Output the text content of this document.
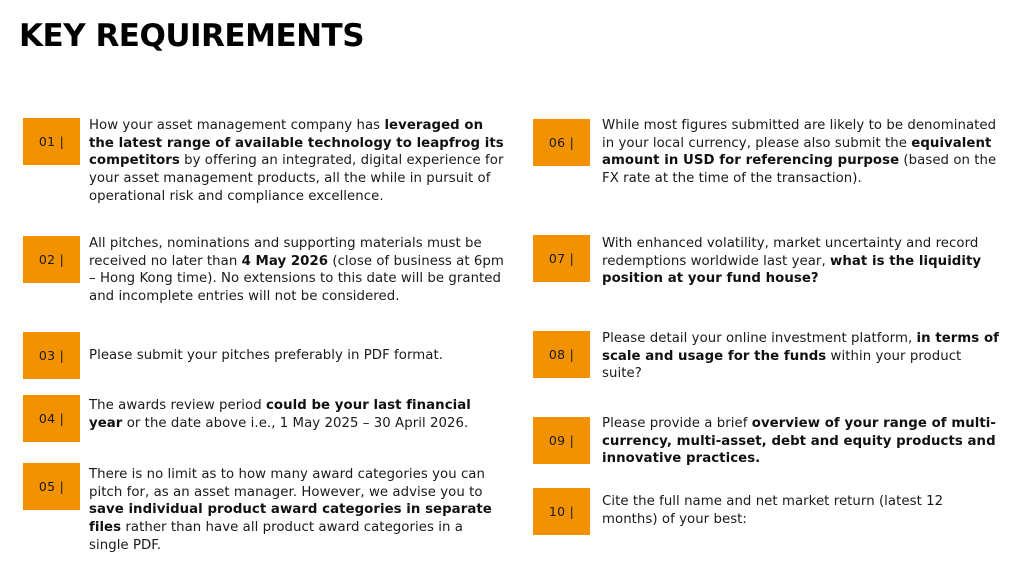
KEY REQUIREMENTS
01 |
How your asset management company has leveraged on the latest range of available technology to leapfrog its competitors by offering an integrated, digital experience for your asset management products, all the while in pursuit of operational risk and compliance excellence.
02 |
All pitches, nominations and supporting materials must be received no later than 4 May 2026 (close of business at 6pm – Hong Kong time). No extensions to this date will be granted and incomplete entries will not be considered.
03 |	Please submit your pitches preferably in PDF format.
04 |
The awards review period could be your last financial year or the date above i.e., 1 May 2025 – 30 April 2026.
05 |
There is no limit as to how many award categories you can pitch for, as an asset manager. However, we advise you to save individual product award categories in separate files rather than have all product award categories in a single PDF.
06 |
While most figures submitted are likely to be denominated in your local currency, please also submit the equivalent amount in USD for referencing purpose (based on the FX rate at the time of the transaction).
07 |
With enhanced volatility, market uncertainty and record redemptions worldwide last year, what is the liquidity position at your fund house?
08 |
Please detail your online investment platform, in terms of scale and usage for the funds within your product suite?
09 |
Please provide a brief overview of your range of multi-currency, multi-asset, debt and equity products and innovative practices.
10 |
Cite the full name and net market return (latest 12 months) of your best:
